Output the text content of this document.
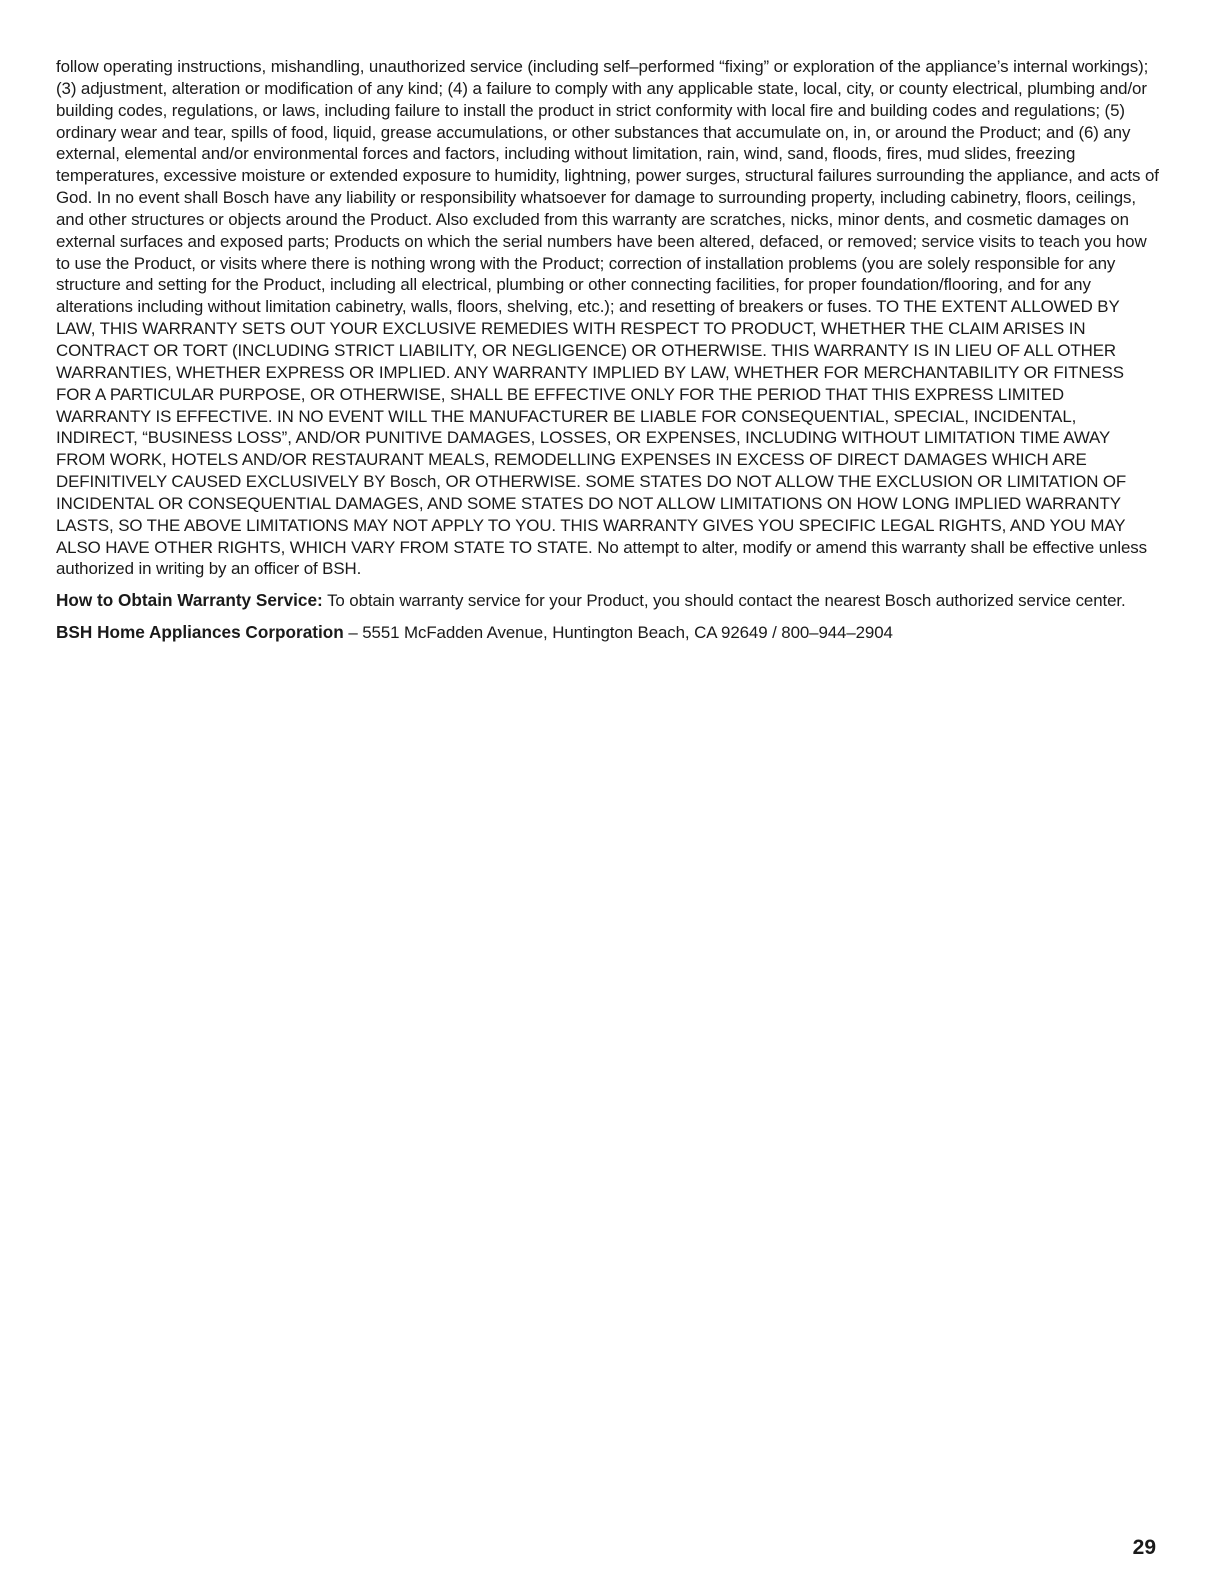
follow operating instructions, mishandling, unauthorized service (including self–performed “fixing” or exploration of the appliance’s internal workings); (3) adjustment, alteration or modification of any kind; (4) a failure to comply with any applicable state, local, city, or county electrical, plumbing and/or building codes, regulations, or laws, including failure to install the product in strict conformity with local fire and building codes and regulations; (5) ordinary wear and tear, spills of food, liquid, grease accumulations, or other substances that accumulate on, in, or around the Product; and (6) any external, elemental and/or environmental forces and factors, including without limitation, rain, wind, sand, floods, fires, mud slides, freezing temperatures, excessive moisture or extended exposure to humidity, lightning, power surges, structural failures surrounding the appliance, and acts of God. In no event shall Bosch have any liability or responsibility whatsoever for damage to surrounding property, including cabinetry, floors, ceilings, and other structures or objects around the Product. Also excluded from this warranty are scratches, nicks, minor dents, and cosmetic damages on external surfaces and exposed parts; Products on which the serial numbers have been altered, defaced, or removed; service visits to teach you how to use the Product, or visits where there is nothing wrong with the Product; correction of installation problems (you are solely responsible for any structure and setting for the Product, including all electrical, plumbing or other connecting facilities, for proper foundation/flooring, and for any alterations including without limitation cabinetry, walls, floors, shelving, etc.); and resetting of breakers or fuses. TO THE EXTENT ALLOWED BY LAW, THIS WARRANTY SETS OUT YOUR EXCLUSIVE REMEDIES WITH RESPECT TO PRODUCT, WHETHER THE CLAIM ARISES IN CONTRACT OR TORT (INCLUDING STRICT LIABILITY, OR NEGLIGENCE) OR OTHERWISE. THIS WARRANTY IS IN LIEU OF ALL OTHER WARRANTIES, WHETHER EXPRESS OR IMPLIED. ANY WARRANTY IMPLIED BY LAW, WHETHER FOR MERCHANTABILITY OR FITNESS FOR A PARTICULAR PURPOSE, OR OTHERWISE, SHALL BE EFFECTIVE ONLY FOR THE PERIOD THAT THIS EXPRESS LIMITED WARRANTY IS EFFECTIVE. IN NO EVENT WILL THE MANUFACTURER BE LIABLE FOR CONSEQUENTIAL, SPECIAL, INCIDENTAL, INDIRECT, “BUSINESS LOSS”, AND/OR PUNITIVE DAMAGES, LOSSES, OR EXPENSES, INCLUDING WITHOUT LIMITATION TIME AWAY FROM WORK, HOTELS AND/OR RESTAURANT MEALS, REMODELLING EXPENSES IN EXCESS OF DIRECT DAMAGES WHICH ARE DEFINITIVELY CAUSED EXCLUSIVELY BY Bosch, OR OTHERWISE. SOME STATES DO NOT ALLOW THE EXCLUSION OR LIMITATION OF INCIDENTAL OR CONSEQUENTIAL DAMAGES, AND SOME STATES DO NOT ALLOW LIMITATIONS ON HOW LONG IMPLIED WARRANTY LASTS, SO THE ABOVE LIMITATIONS MAY NOT APPLY TO YOU. THIS WARRANTY GIVES YOU SPECIFIC LEGAL RIGHTS, AND YOU MAY ALSO HAVE OTHER RIGHTS, WHICH VARY FROM STATE TO STATE. No attempt to alter, modify or amend this warranty shall be effective unless authorized in writing by an officer of BSH.

How to Obtain Warranty Service: To obtain warranty service for your Product, you should contact the nearest Bosch authorized service center.

BSH Home Appliances Corporation – 5551 McFadden Avenue, Huntington Beach, CA 92649 / 800–944–2904

29
